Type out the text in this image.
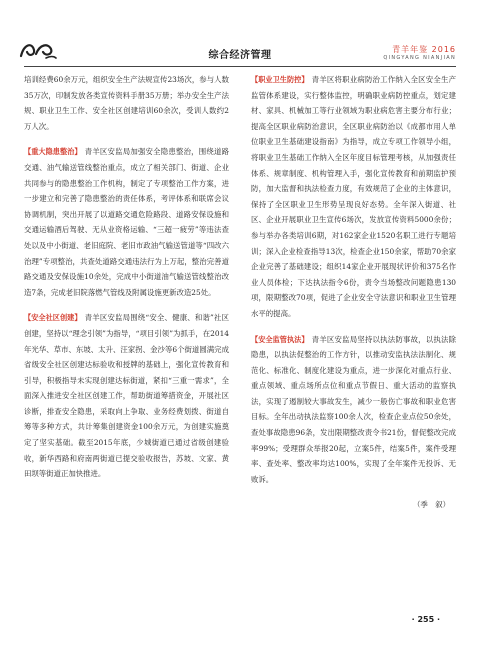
综合经济管理
青羊年鉴 2016
QINGYANG NIANJIAN

培训经费60余万元，组织安全生产法规宣传23场次，参与人数35万次，印制发放各类宣传资料手册35万册；举办安全生产法规、职业卫生工作、安全社区创建培训60余次，受训人数约2万人次。

【重大隐患整治】 青羊区安监局加强安全隐患整治，围绕道路交通、油气输送管线整治重点，成立了相关部门、街道、企业共同参与的隐患整治工作机构，制定了专项整治工作方案，进一步建立和完善了隐患整治的责任体系，考评体系和联席会议协调机制，突出开展了以道路交通危险路段、道路安保设施和交通运输酒后驾驶、无从业资格运输、“三超一疲劳”等违法查处以及中小街道、老旧庭院、老旧市政油气输送管道等“四改六治理”专项整治，共查处道路交通违法行为上万起，整治完善道路交通及安保设施10余处，完成中小街道油气输送管线整治改造7条，完成老旧院落燃气管线及附属设施更新改造25处。

【安全社区创建】 青羊区安监局围绕“安全、健康、和谐”社区创建，坚持以“理念引领”为指导，“项目引领”为抓手，在2014年光华、草市、东坡、太升、汪家拐、金沙等6个街道圆满完成省级安全社区创建达标验收和授牌的基础上，强化宣传教育和引导，积极指导未实现创建达标街道，紧扣“三重一需求”，全面深入推进安全社区创建工作，帮助街道筹措资金，开展社区诊断，排查安全隐患，采取向上争取、业务经费划拨、街道自筹等多种方式，共计筹集创建资金100余万元，为创建实施奠定了坚实基础。截至2015年底，少城街道已通过省级创建验收，新华西路和府南两街道已提交验收报告，苏坡、文家、黄田坝等街道正加快推进。

【职业卫生防控】 青羊区将职业病防治工作纳入全区安全生产监管体系建设，实行整体监控，明确职业病防控重点，划定建材、家具、机械加工等行业领域为职业病危害主要分布行业；提高全区职业病防治意识，全区职业病防治以《成都市用人单位职业卫生基础建设指南》为指导，成立专项工作领导小组，将职业卫生基础工作纳入全区年度目标管理考核，从加强责任体系、规章制度、机构管理入手，强化宣传教育和前期监护预防，加大监督和执法检查力度，有效规范了企业的主体意识，保持了全区职业卫生形势呈现良好态势。全年深入街道、社区、企业开展职业卫生宣传6场次，发放宣传资料5000余份；参与举办各类培训6期，对162家企业1520名职工进行专题培训；深入企业检查指导13次，检查企业150余家，帮助70余家企业完善了基础建设；组织14家企业开展现状评价和375名作业人员体检；下达执法指令6份，责令当场整改问题隐患130项，限期整改70项，促进了企业安全守法意识和职业卫生管理水平的提高。

【安全监管执法】 青羊区安监局坚持以执法防事故，以执法除隐患，以执法促整治的工作方针，以推动安监执法法制化、规范化、标准化、制度化建设为重点，进一步深化对重点行业、重点领域、重点场所点位和重点节假日、重大活动的监察执法，实现了遏制较大事故发生，减少一般伤亡事故和职业危害目标。全年出动执法监察100余人次，检查企业点位50余处，查处事故隐患96条，发出限期整改责令书21份，督促整改完成率99%；受理群众举报20起，立案5件，结案5件，案件受理率、查处率、整改率均达100%，实现了全年案件无投诉、无败诉。

（季　叙）
· 255 ·
